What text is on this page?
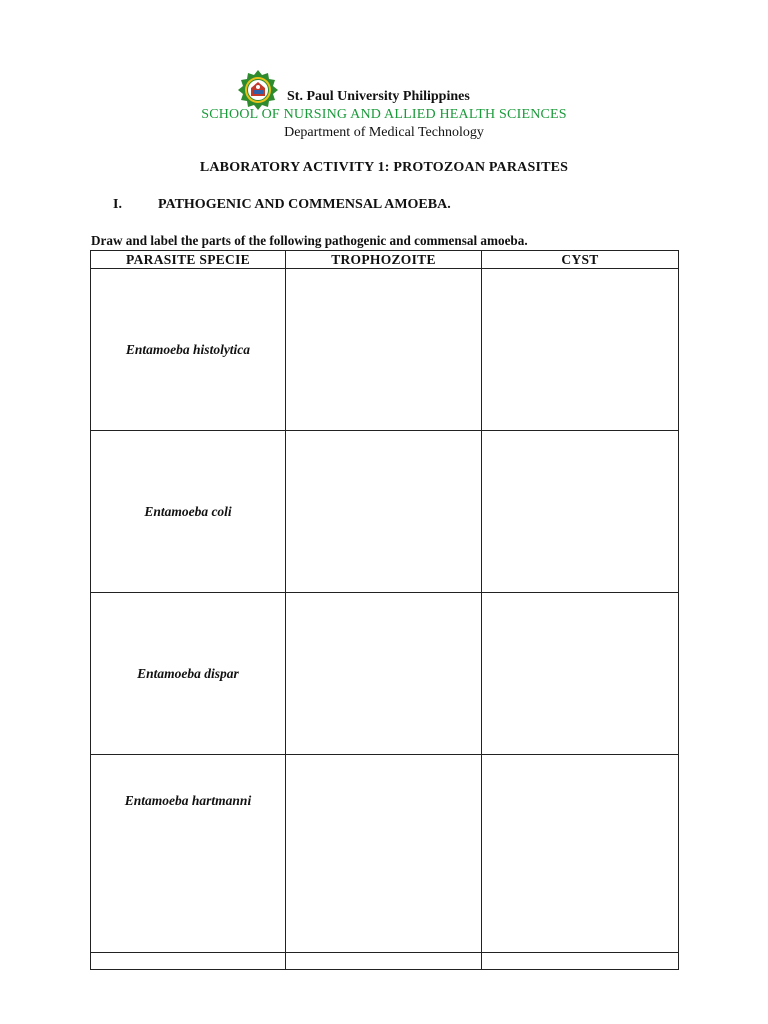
St. Paul University Philippines
SCHOOL OF NURSING AND ALLIED HEALTH SCIENCES
Department of Medical Technology
LABORATORY ACTIVITY 1: PROTOZOAN PARASITES
I.	PATHOGENIC AND COMMENSAL AMOEBA.
Draw and label the parts of the following pathogenic and commensal amoeba.
PARASITE SPECIE	TROPHOZOITE	CYST
Entamoeba histolytica		
Entamoeba coli		
Entamoeba dispar		
Entamoeba hartmanni		
